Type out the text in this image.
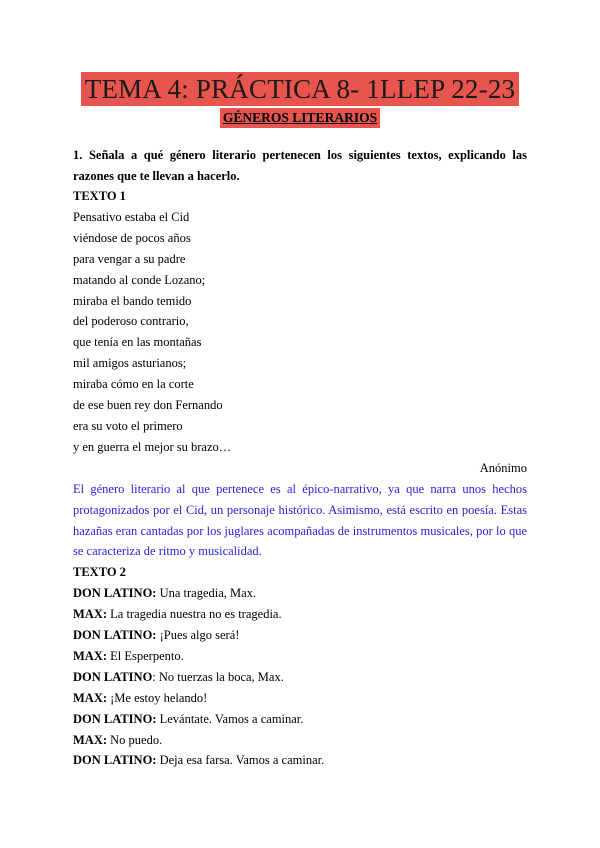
TEMA 4: PRÁCTICA 8- 1LLEP 22-23
GÉNEROS LITERARIOS

1. Señala a qué género literario pertenecen los siguientes textos, explicando las razones que te llevan a hacerlo.

TEXTO 1

Pensativo estaba el Cid

viéndose de pocos años

para vengar a su padre

matando al conde Lozano;

miraba el bando temido

del poderoso contrario,

que tenía en las montañas

mil amigos asturianos;

miraba cómo en la corte

de ese buen rey don Fernando

era su voto el primero

y en guerra el mejor su brazo…

Anónimo

El género literario al que pertenece es al épico-narrativo, ya que narra unos hechos protagonizados por el Cid, un personaje histórico. Asimismo, está escrito en poesía. Estas hazañas eran cantadas por los juglares acompañadas de instrumentos musicales, por lo que se caracteriza de ritmo y musicalidad.

TEXTO 2

DON LATINO: Una tragedia, Max.

MAX: La tragedia nuestra no es tragedia.

DON LATINO: ¡Pues algo será!

MAX: El Esperpento.

DON LATINO: No tuerzas la boca, Max.

MAX: ¡Me estoy helando!

DON LATINO: Levántate. Vamos a caminar.

MAX: No puedo.

DON LATINO: Deja esa farsa. Vamos a caminar.
